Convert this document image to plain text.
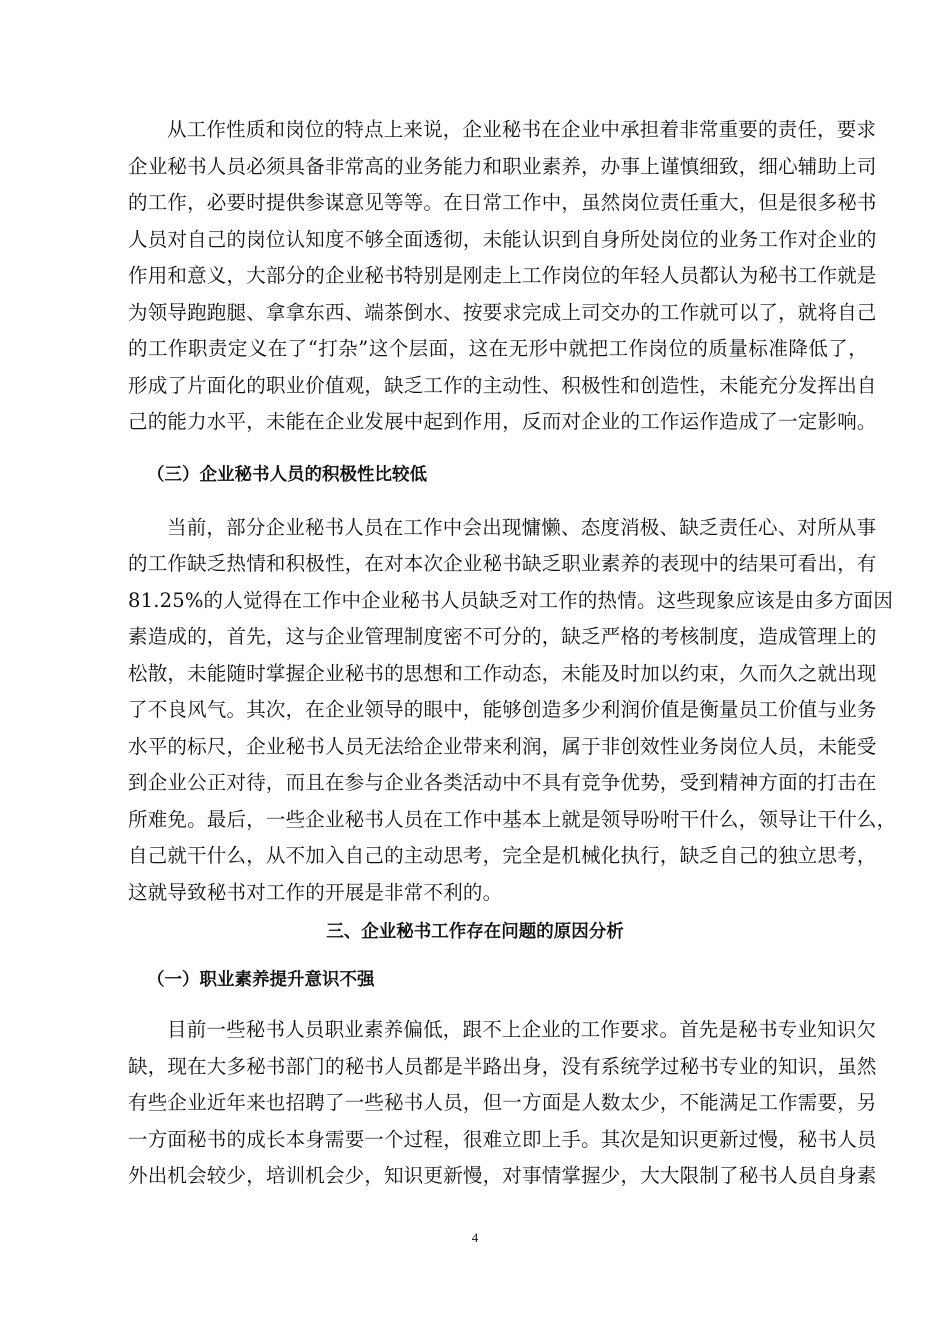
从工作性质和岗位的特点上来说，企业秘书在企业中承担着非常重要的责任，要求
企业秘书人员必须具备非常高的业务能力和职业素养，办事上谨慎细致，细心辅助上司
的工作，必要时提供参谋意见等等。在日常工作中，虽然岗位责任重大，但是很多秘书
人员对自己的岗位认知度不够全面透彻，未能认识到自身所处岗位的业务工作对企业的
作用和意义，大部分的企业秘书特别是刚走上工作岗位的年轻人员都认为秘书工作就是
为领导跑跑腿、拿拿东西、端茶倒水、按要求完成上司交办的工作就可以了，就将自己
的工作职责定义在了“打杂”这个层面，这在无形中就把工作岗位的质量标准降低了，
形成了片面化的职业价值观，缺乏工作的主动性、积极性和创造性，未能充分发挥出自
己的能力水平，未能在企业发展中起到作用，反而对企业的工作运作造成了一定影响。
（三）企业秘书人员的积极性比较低
当前，部分企业秘书人员在工作中会出现慵懒、态度消极、缺乏责任心、对所从事
的工作缺乏热情和积极性，在对本次企业秘书缺乏职业素养的表现中的结果可看出，有
81.25%的人觉得在工作中企业秘书人员缺乏对工作的热情。这些现象应该是由多方面因
素造成的，首先，这与企业管理制度密不可分的，缺乏严格的考核制度，造成管理上的
松散，未能随时掌握企业秘书的思想和工作动态，未能及时加以约束，久而久之就出现
了不良风气。其次，在企业领导的眼中，能够创造多少利润价值是衡量员工价值与业务
水平的标尺，企业秘书人员无法给企业带来利润，属于非创效性业务岗位人员，未能受
到企业公正对待，而且在参与企业各类活动中不具有竞争优势，受到精神方面的打击在
所难免。最后，一些企业秘书人员在工作中基本上就是领导吩咐干什么，领导让干什么，
自己就干什么，从不加入自己的主动思考，完全是机械化执行，缺乏自己的独立思考，
这就导致秘书对工作的开展是非常不利的。
三、企业秘书工作存在问题的原因分析
（一）职业素养提升意识不强
目前一些秘书人员职业素养偏低，跟不上企业的工作要求。首先是秘书专业知识欠
缺，现在大多秘书部门的秘书人员都是半路出身，没有系统学过秘书专业的知识，虽然
有些企业近年来也招聘了一些秘书人员，但一方面是人数太少，不能满足工作需要，另
一方面秘书的成长本身需要一个过程，很难立即上手。其次是知识更新过慢，秘书人员
外出机会较少，培训机会少，知识更新慢，对事情掌握少，大大限制了秘书人员自身素
4
